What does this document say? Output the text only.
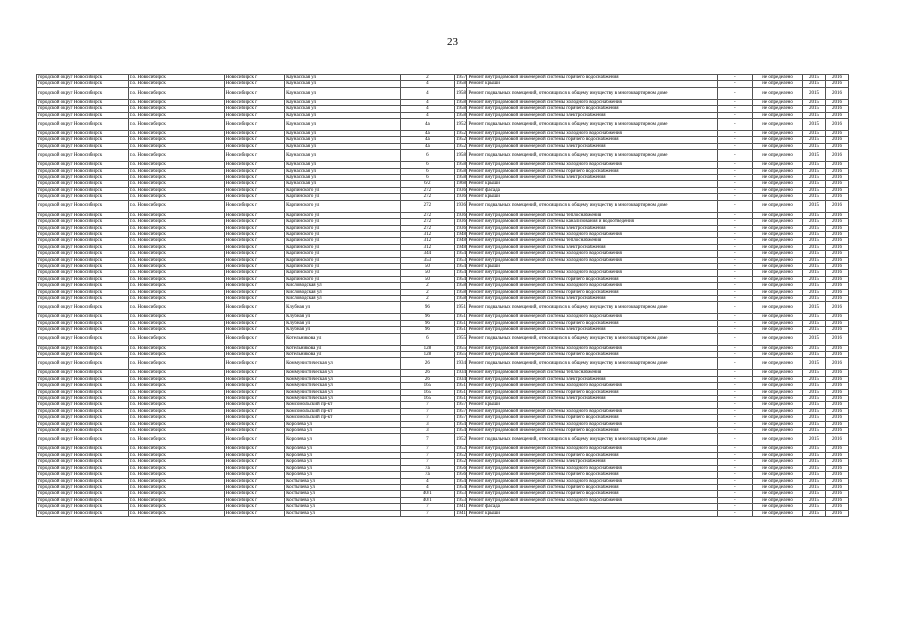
23
городской округ Новосибирск	г.о. Новосибирск	Новосибирск г	Каунасская ул	2	1957	Ремонт внутридомовой инженерной системы горячего водоснабжения	-	не определено	2015	2016
городской округ Новосибирск	г.о. Новосибирск	Новосибирск г	Каунасская ул	4	1958	Ремонт крыши	-	не определено	2015	2016
городской округ Новосибирск	г.о. Новосибирск	Новосибирск г	Каунасская ул	4	1958	Ремонт подвальных помещений, относящихся к общему имуществу в многоквартирном доме	-	не определено	2015	2016
городской округ Новосибирск	г.о. Новосибирск	Новосибирск г	Каунасская ул	4	1958	Ремонт внутридомовой инженерной системы холодного водоснабжения	-	не определено	2015	2016
городской округ Новосибирск	г.о. Новосибирск	Новосибирск г	Каунасская ул	4	1958	Ремонт внутридомовой инженерной системы горячего водоснабжения	-	не определено	2015	2016
городской округ Новосибирск	г.о. Новосибирск	Новосибирск г	Каунасская ул	4	1958	Ремонт внутридомовой инженерной системы электроснабжения	-	не определено	2015	2016
городской округ Новосибирск	г.о. Новосибирск	Новосибирск г	Каунасская ул	4а	1952	Ремонт подвальных помещений, относящихся к общему имуществу в многоквартирном доме	-	не определено	2015	2016
городской округ Новосибирск	г.о. Новосибирск	Новосибирск г	Каунасская ул	4а	1952	Ремонт внутридомовой инженерной системы холодного водоснабжения	-	не определено	2015	2016
городской округ Новосибирск	г.о. Новосибирск	Новосибирск г	Каунасская ул	4а	1952	Ремонт внутридомовой инженерной системы горячего водоснабжения	-	не определено	2015	2016
городской округ Новосибирск	г.о. Новосибирск	Новосибирск г	Каунасская ул	4а	1952	Ремонт внутридомовой инженерной системы электроснабжения	-	не определено	2015	2016
городской округ Новосибирск	г.о. Новосибирск	Новосибирск г	Каунасская ул	6	1958	Ремонт подвальных помещений, относящихся к общему имуществу в многоквартирном доме	-	не определено	2015	2016
городской округ Новосибирск	г.о. Новосибирск	Новосибирск г	Каунасская ул	6	1958	Ремонт внутридомовой инженерной системы холодного водоснабжения	-	не определено	2015	2016
городской округ Новосибирск	г.о. Новосибирск	Новосибирск г	Каунасская ул	6	1958	Ремонт внутридомовой инженерной системы горячего водоснабжения	-	не определено	2015	2016
городской округ Новосибирск	г.о. Новосибирск	Новосибирск г	Каунасская ул	6	1958	Ремонт внутридомовой инженерной системы электроснабжения	-	не определено	2015	2016
городской округ Новосибирск	г.о. Новосибирск	Новосибирск г	Каунасская ул	6/2	1968	Ремонт крыши	-	не определено	2015	2016
городской округ Новосибирск	г.о. Новосибирск	Новосибирск г	Карпинского ул	272	1936	Ремонт фасада	-	не определено	2015	2016
городской округ Новосибирск	г.о. Новосибирск	Новосибирск г	Карпинского ул	272	1936	Ремонт крыши	-	не определено	2015	2016
городской округ Новосибирск	г.о. Новосибирск	Новосибирск г	Карпинского ул	272	1936	Ремонт подвальных помещений, относящихся к общему имуществу в многоквартирном доме	-	не определено	2015	2016
городской округ Новосибирск	г.о. Новосибирск	Новосибирск г	Карпинского ул	272	1936	Ремонт внутридомовой инженерной системы теплоснабжения	-	не определено	2015	2016
городской округ Новосибирск	г.о. Новосибирск	Новосибирск г	Карпинского ул	272	1936	Ремонт внутридомовой инженерной системы канализования и водоотведения	-	не определено	2015	2016
городской округ Новосибирск	г.о. Новосибирск	Новосибирск г	Карпинского ул	272	1936	Ремонт внутридомовой инженерной системы электроснабжения	-	не определено	2015	2016
городской округ Новосибирск	г.о. Новосибирск	Новосибирск г	Карпинского ул	312	1948	Ремонт внутридомовой инженерной системы холодного водоснабжения	-	не определено	2015	2016
городской округ Новосибирск	г.о. Новосибирск	Новосибирск г	Карпинского ул	312	1948	Ремонт внутридомовой инженерной системы теплоснабжения	-	не определено	2015	2016
городской округ Новосибирск	г.о. Новосибирск	Новосибирск г	Карпинского ул	312	1948	Ремонт внутридомовой инженерной системы электроснабжения	-	не определено	2015	2016
городской округ Новосибирск	г.о. Новосибирск	Новосибирск г	Карпинского ул	344	1954	Ремонт внутридомовой инженерной системы холодного водоснабжения	-	не определено	2015	2016
городской округ Новосибирск	г.о. Новосибирск	Новосибирск г	Карпинского ул	353	1953	Ремонт внутридомовой инженерной системы холодного водоснабжения	-	не определено	2015	2016
городской округ Новосибирск	г.о. Новосибирск	Новосибирск г	Карпинского ул	50	1954	Ремонт крыши	-	не определено	2015	2016
городской округ Новосибирск	г.о. Новосибирск	Новосибирск г	Карпинского ул	50	1954	Ремонт внутридомовой инженерной системы холодного водоснабжения	-	не определено	2015	2016
городской округ Новосибирск	г.о. Новосибирск	Новосибирск г	Карпинского ул	50	1954	Ремонт внутридомовой инженерной системы горячего водоснабжения	-	не определено	2015	2016
городской округ Новосибирск	г.о. Новосибирск	Новосибирск г	Кисловодская ул	2	1958	Ремонт внутридомовой инженерной системы холодного водоснабжения	-	не определено	2015	2016
городской округ Новосибирск	г.о. Новосибирск	Новосибирск г	Кисловодская ул	2	1958	Ремонт внутридомовой инженерной системы горячего водоснабжения	-	не определено	2015	2016
городской округ Новосибирск	г.о. Новосибирск	Новосибирск г	Кисловодская ул	2	1958	Ремонт внутридомовой инженерной системы электроснабжения	-	не определено	2015	2016
городской округ Новосибирск	г.о. Новосибирск	Новосибирск г	Клубная ул	96	1951	Ремонт подвальных помещений, относящихся к общему имуществу в многоквартирном доме	-	не определено	2015	2016
городской округ Новосибирск	г.о. Новосибирск	Новосибирск г	Клубная ул	96	1951	Ремонт внутридомовой инженерной системы холодного водоснабжения	-	не определено	2015	2016
городской округ Новосибирск	г.о. Новосибирск	Новосибирск г	Клубная ул	96	1951	Ремонт внутридомовой инженерной системы горячего водоснабжения	-	не определено	2015	2016
городской округ Новосибирск	г.о. Новосибирск	Новосибирск г	Клубная ул	96	1951	Ремонт внутридомовой инженерной системы электроснабжения	-	не определено	2015	2016
городской округ Новосибирск	г.о. Новосибирск	Новосибирск г	Котельникова ул	6	1955	Ремонт подвальных помещений, относящихся к общему имуществу в многоквартирном доме	-	не определено	2015	2016
городской округ Новосибирск	г.о. Новосибирск	Новосибирск г	Котельникова ул	128	1955	Ремонт внутридомовой инженерной системы холодного водоснабжения	-	не определено	2015	2016
городской округ Новосибирск	г.о. Новосибирск	Новосибирск г	Котельникова ул	128	1955	Ремонт внутридомовой инженерной системы горячего водоснабжения	-	не определено	2015	2016
городской округ Новосибирск	г.о. Новосибирск	Новосибирск г	Коммунистическая ул	26	1934	Ремонт подвальных помещений, относящихся к общему имуществу в многоквартирном доме	-	не определено	2015	2016
городской округ Новосибирск	г.о. Новосибирск	Новосибирск г	Коммунистическая ул	26	1934	Ремонт внутридомовой инженерной системы теплоснабжения	-	не определено	2015	2016
городской округ Новосибирск	г.о. Новосибирск	Новосибирск г	Коммунистическая ул	26	1934	Ремонт внутридомовой инженерной системы электроснабжения	-	не определено	2015	2016
городской округ Новосибирск	г.о. Новосибирск	Новосибирск г	Коммунистическая ул	165	1951	Ремонт внутридомовой инженерной системы холодного водоснабжения	-	не определено	2015	2016
городской округ Новосибирск	г.о. Новосибирск	Новосибирск г	Коммунистическая ул	165	1951	Ремонт внутридомовой инженерной системы горячего водоснабжения	-	не определено	2015	2016
городской округ Новосибирск	г.о. Новосибирск	Новосибирск г	Коммунистическая ул	165	1951	Ремонт внутридомовой инженерной системы электроснабжения	-	не определено	2015	2016
городской округ Новосибирск	г.о. Новосибирск	Новосибирск г	Комсомольский пр-кт	7	1957	Ремонт крыши	-	не определено	2015	2016
городской округ Новосибирск	г.о. Новосибирск	Новосибирск г	Комсомольский пр-кт	7	1957	Ремонт внутридомовой инженерной системы холодного водоснабжения	-	не определено	2015	2016
городской округ Новосибирск	г.о. Новосибирск	Новосибирск г	Комсомольский пр-кт	7	1957	Ремонт внутридомовой инженерной системы горячего водоснабжения	-	не определено	2015	2016
городской округ Новосибирск	г.о. Новосибирск	Новосибирск г	Королева ул	3	1954	Ремонт внутридомовой инженерной системы холодного водоснабжения	-	не определено	2015	2016
городской округ Новосибирск	г.о. Новосибирск	Новосибирск г	Королева ул	3	1954	Ремонт внутридомовой инженерной системы горячего водоснабжения	-	не определено	2015	2016
городской округ Новосибирск	г.о. Новосибирск	Новосибирск г	Королева ул	7	1952	Ремонт подвальных помещений, относящихся к общему имуществу в многоквартирном доме	-	не определено	2015	2016
городской округ Новосибирск	г.о. Новосибирск	Новосибирск г	Королева ул	7	1952	Ремонт внутридомовой инженерной системы холодного водоснабжения	-	не определено	2015	2016
городской округ Новосибирск	г.о. Новосибирск	Новосибирск г	Королева ул	7	1952	Ремонт внутридомовой инженерной системы горячего водоснабжения	-	не определено	2015	2016
городской округ Новосибирск	г.о. Новосибирск	Новосибирск г	Королева ул	7	1952	Ремонт внутридомовой инженерной системы электроснабжения	-	не определено	2015	2016
городской округ Новосибирск	г.о. Новосибирск	Новосибирск г	Королева ул	7а	1956	Ремонт внутридомовой инженерной системы холодного водоснабжения	-	не определено	2015	2016
городской округ Новосибирск	г.о. Новосибирск	Новосибирск г	Королева ул	7а	1956	Ремонт внутридомовой инженерной системы горячего водоснабжения	-	не определено	2015	2016
городской округ Новосибирск	г.о. Новосибирск	Новосибирск г	Костычева ул	4	1954	Ремонт внутридомовой инженерной системы холодного водоснабжения	-	не определено	2015	2016
городской округ Новосибирск	г.о. Новосибирск	Новосибирск г	Костычева ул	4	1954	Ремонт внутридомовой инженерной системы горячего водоснабжения	-	не определено	2015	2016
городской округ Новосибирск	г.о. Новосибирск	Новосибирск г	Костычева ул	40/1	1953	Ремонт внутридомовой инженерной системы горячего водоснабжения	-	не определено	2015	2016
городской округ Новосибирск	г.о. Новосибирск	Новосибирск г	Костычева ул	40/1	1953	Ремонт внутридомовой инженерной системы холодного водоснабжения	-	не определено	2015	2016
городской округ Новосибирск	г.о. Новосибирск	Новосибирск г	Костычева ул	7	1941	Ремонт фасада	-	не определено	2015	2016
городской округ Новосибирск	г.о. Новосибирск	Новосибирск г	Костычева ул	7	1941	Ремонт крыши	-	не определено	2015	2016
